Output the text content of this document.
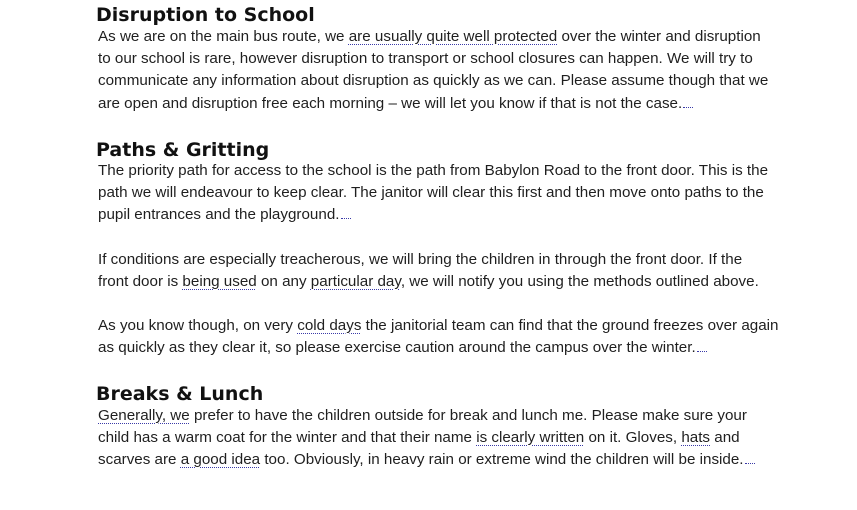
Disruption to School
As we are on the main bus route, we are usually quite well protected over the winter and disruption
to our school is rare, however disruption to transport or school closures can happen. We will try to
communicate any information about disruption as quickly as we can. Please assume though that we
are open and disruption free each morning – we will let you know if that is not the case.
Paths & Gritting
The priority path for access to the school is the path from Babylon Road to the front door. This is the
path we will endeavour to keep clear. The janitor will clear this first and then move onto paths to the
pupil entrances and the playground.
If conditions are especially treacherous, we will bring the children in through the front door. If the
front door is being used on any particular day, we will notify you using the methods outlined above.
As you know though, on very cold days the janitorial team can find that the ground freezes over again
as quickly as they clear it, so please exercise caution around the campus over the winter.
Breaks & Lunch
Generally, we prefer to have the children outside for break and lunch me. Please make sure your
child has a warm coat for the winter and that their name is clearly written on it. Gloves, hats and
scarves are a good idea too. Obviously, in heavy rain or extreme wind the children will be inside.
